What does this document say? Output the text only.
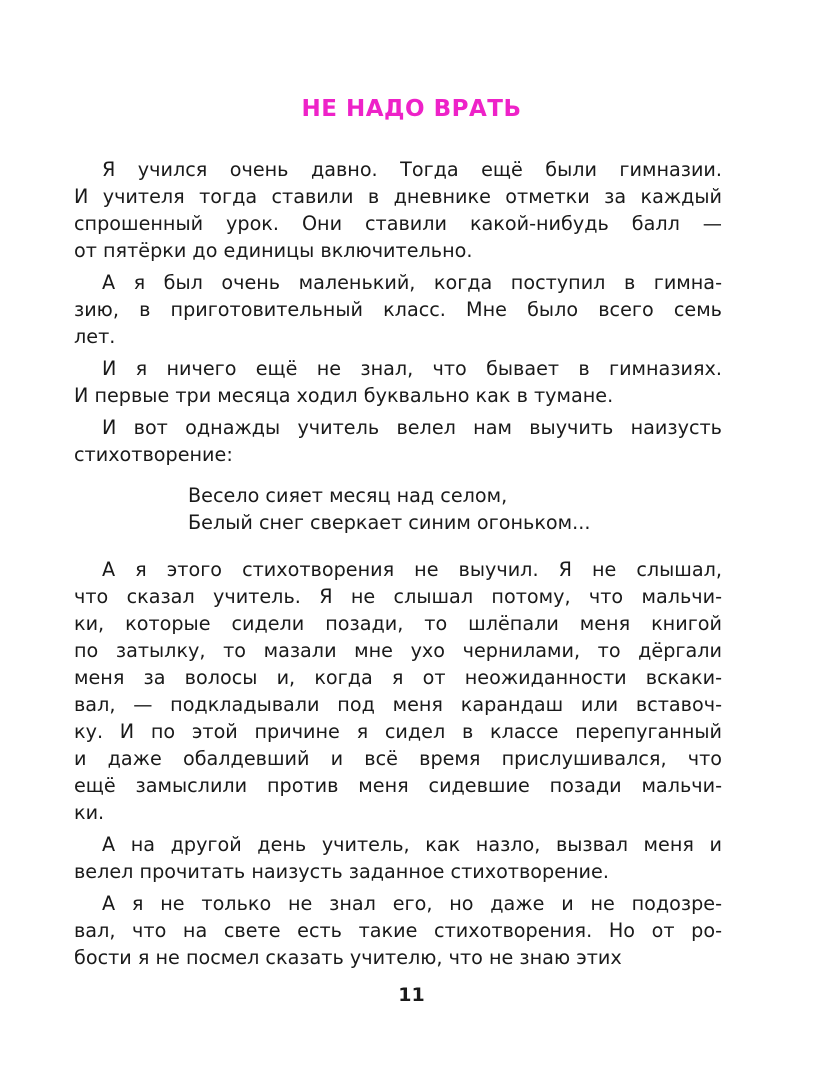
НЕ НАДО ВРАТЬ
Я учился очень давно. Тогда ещё были гимназии.
И учителя тогда ставили в дневнике отметки за каждый
спрошенный урок. Они ставили какой-нибудь балл —
от пятёрки до единицы включительно.
А я был очень маленький, когда поступил в гимна-
зию, в приготовительный класс. Мне было всего семь
лет.
И я ничего ещё не знал, что бывает в гимназиях.
И первые три месяца ходил буквально как в тумане.
И вот однажды учитель велел нам выучить наизусть
стихотворение:
Весело сияет месяц над селом,
Белый снег сверкает синим огоньком...
А я этого стихотворения не выучил. Я не слышал,
что сказал учитель. Я не слышал потому, что мальчи-
ки, которые сидели позади, то шлёпали меня книгой
по затылку, то мазали мне ухо чернилами, то дёргали
меня за волосы и, когда я от неожиданности вскаки-
вал, — подкладывали под меня карандаш или вставоч-
ку. И по этой причине я сидел в классе перепуганный
и даже обалдевший и всё время прислушивался, что
ещё замыслили против меня сидевшие позади мальчи-
ки.
А на другой день учитель, как назло, вызвал меня и
велел прочитать наизусть заданное стихотворение.
А я не только не знал его, но даже и не подозре-
вал, что на свете есть такие стихотворения. Но от ро-
бости я не посмел сказать учителю, что не знаю этих

11
